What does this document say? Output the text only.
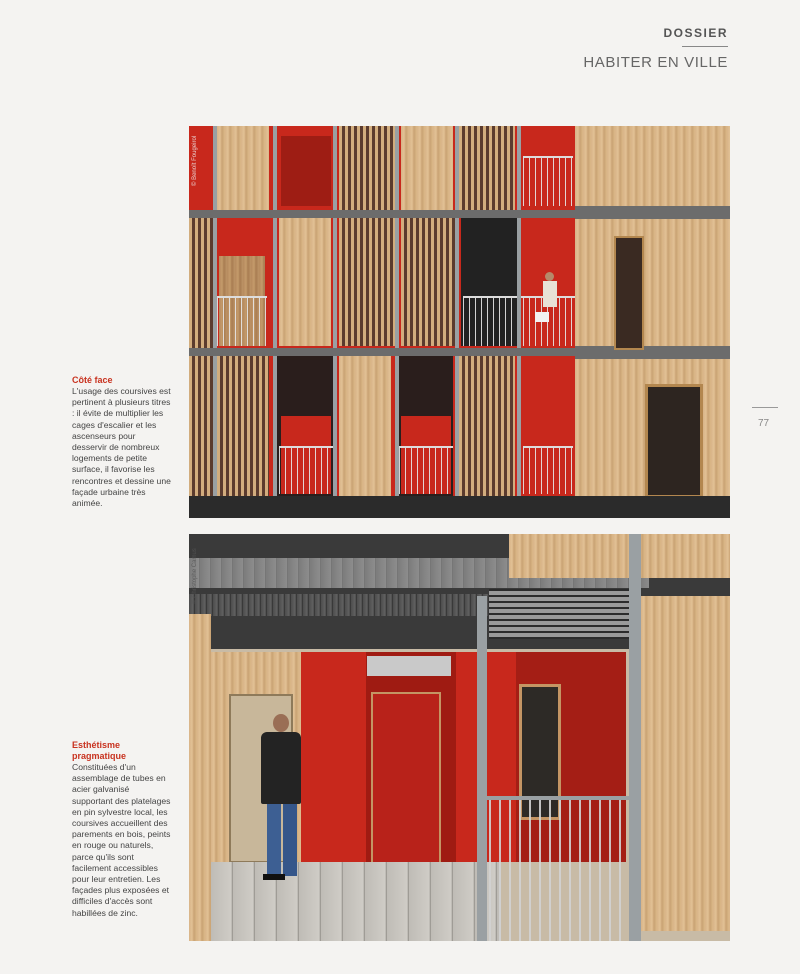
DOSSIER
HABITER EN VILLE
77
Côté face
L'usage des coursives est pertinent à plusieurs titres : il évite de multiplier les cages d'escalier et les ascenseurs pour desservir de nombreux logements de petite surface, il favorise les rencontres et dessine une façade urbaine très animée.
Esthétisme pragmatique
Constituées d'un assemblage de tubes en acier galvanisé supportant des platelages en pin sylvestre local, les coursives accueillent des parements en bois, peints en rouge ou naturels, parce qu'ils sont facilement accessibles pour leur entretien. Les façades plus exposées et difficiles d'accès sont habillées de zinc.
© Benoît Fougeirol
© Christophe Camus
